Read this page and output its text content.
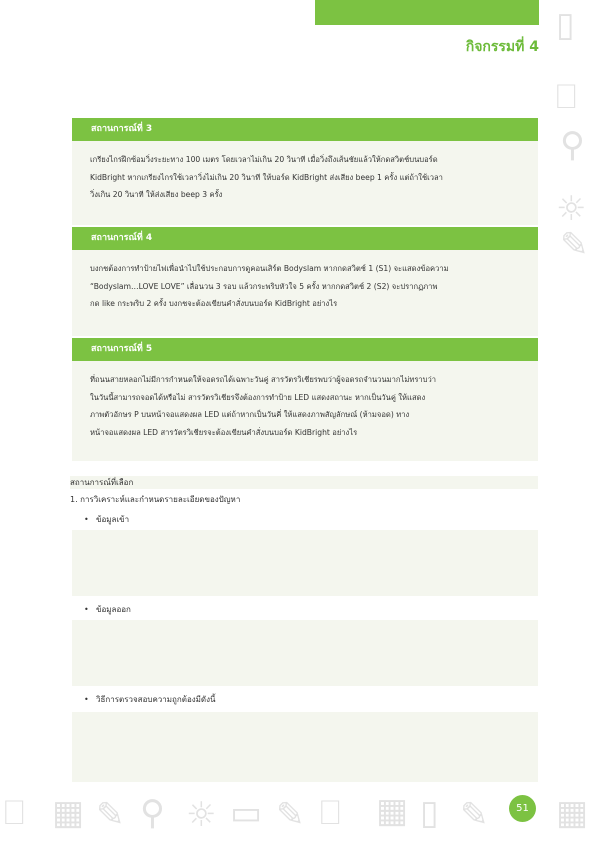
กิจกรรมที่ 4
▯
⎕
⚲
☼
✎
⎕ ▦ ✎ ⚲ ☼ ▭ ✎ ⎕ ▦ ▯ ✎ ▦
สถานการณ์ที่ 3
เกรียงไกรฝึกซ้อมวิ่งระยะทาง 100 เมตร โดยเวลาไม่เกิน 20 วินาที เมื่อวิ่งถึงเส้นชัยแล้วให้กดสวิตช์บนบอร์ด
KidBright หากเกรียงไกรใช้เวลาวิ่งไม่เกิน 20 วินาที ให้บอร์ด KidBright ส่งเสียง beep 1 ครั้ง แต่ถ้าใช้เวลา
วิ่งเกิน 20 วินาที ให้ส่งเสียง beep 3 ครั้ง
สถานการณ์ที่ 4
บงกชต้องการทำป้ายไฟเพื่อนำไปใช้ประกอบการดูคอนเสิร์ต Bodyslam หากกดสวิตช์ 1 (S1) จะแสดงข้อความ
“Bodyslam…LOVE LOVE” เลื่อนวน 3 รอบ แล้วกระพริบหัวใจ 5 ครั้ง หากกดสวิตช์ 2 (S2) จะปรากฏภาพ
กด like กระพริบ 2 ครั้ง บงกชจะต้องเขียนคำสั่งบนบอร์ด KidBright อย่างไร
สถานการณ์ที่ 5
ที่ถนนสายหลอกไม่มีการกำหนดให้จอดรถได้เฉพาะวันคู่ สารวัตรวิเชียรพบว่าผู้จอดรถจำนวนมากไม่ทราบว่า
ในวันนี้สามารถจอดได้หรือไม่ สารวัตรวิเชียรจึงต้องการทำป้าย LED แสดงสถานะ หากเป็นวันคู่ ให้แสดง
ภาพตัวอักษร P บนหน้าจอแสดงผล LED แต่ถ้าหากเป็นวันคี่ ให้แสดงภาพสัญลักษณ์ (ห้ามจอด) ทาง
หน้าจอแสดงผล LED สารวัตรวิเชียรจะต้องเขียนคำสั่งบนบอร์ด KidBright อย่างไร
สถานการณ์ที่เลือก
1. การวิเคราะห์และกำหนดรายละเอียดของปัญหา
• ข้อมูลเข้า
• ข้อมูลออก
• วิธีการตรวจสอบความถูกต้องมีดังนี้
51
